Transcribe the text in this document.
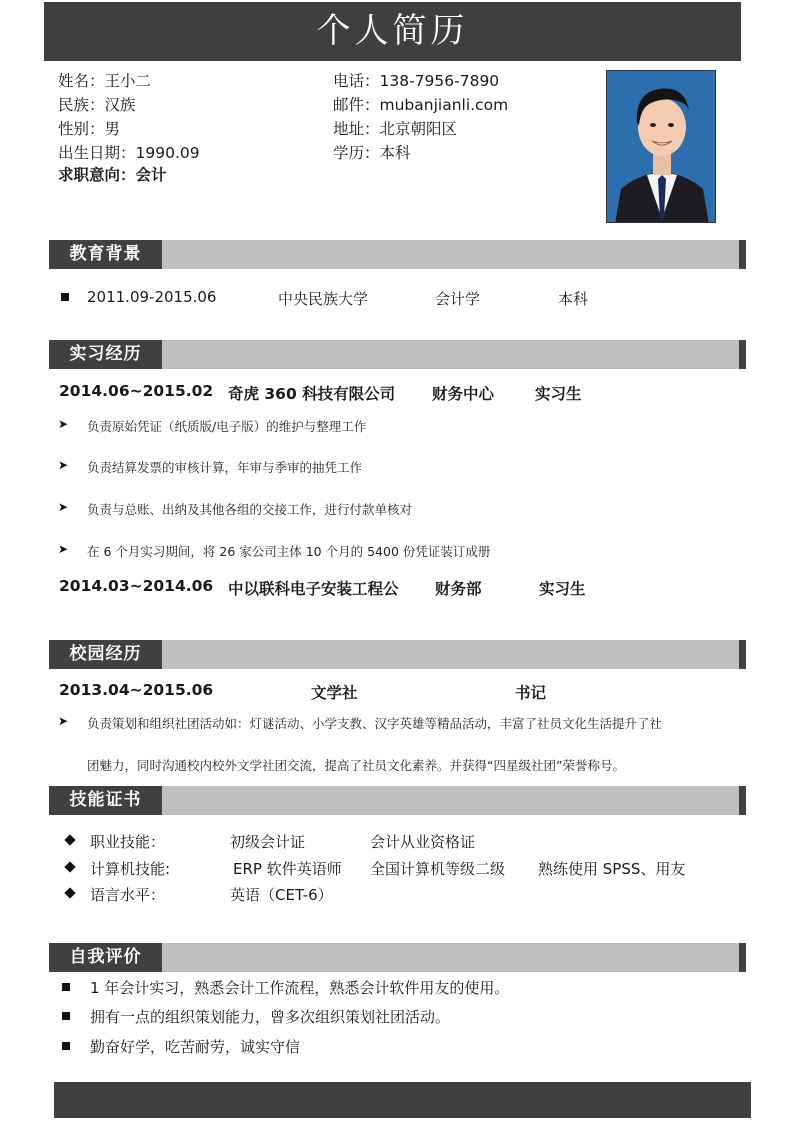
个人简历
姓名：王小二
民族：汉族
性别：男
出生日期：1990.09
求职意向：会计
电话：138-7956-7890
邮件：mubanjianli.com
地址：北京朝阳区
学历：本科
教育背景
2011.09-2015.06	中央民族大学	会计学	本科
实习经历
2014.06~2015.02 奇虎 360 科技有限公司 财务中心	实习生
➤ 负责原始凭证（纸质版/电子版）的维护与整理工作
➤ 负责结算发票的审核计算，年审与季审的抽凭工作
➤ 负责与总账、出纳及其他各组的交接工作，进行付款单核对
➤ 在 6 个月实习期间，将 26 家公司主体 10 个月的 5400 份凭证装订成册
2014.03~2014.06 中以联科电子安装工程公 财务部	实习生
校园经历
2013.04~2015.06	文学社	书记
➤ 负责策划和组织社团活动如：灯谜活动、小学支教、汉字英雄等精品活动，丰富了社员文化生活提升了社
团魅力，同时沟通校内校外文学社团交流，提高了社员文化素养。并获得“四星级社团”荣誉称号。
技能证书
职业技能：	初级会计证	会计从业资格证
计算机技能:	ERP 软件英语师 全国计算机等级二级 熟练使用 SPSS、用友
语言水平：	英语（CET-6）
自我评价
1 年会计实习，熟悉会计工作流程，熟悉会计软件用友的使用。
拥有一点的组织策划能力，曾多次组织策划社团活动。
勤奋好学，吃苦耐劳，诚实守信
